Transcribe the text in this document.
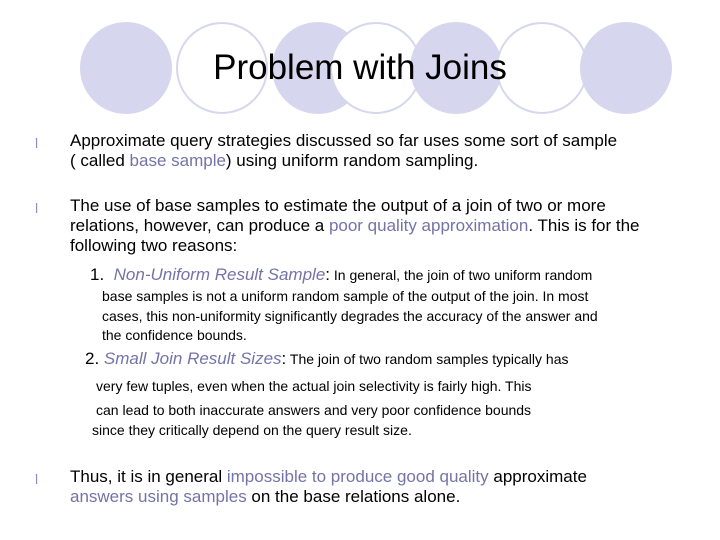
Problem with Joins
l Approximate query strategies discussed so far uses some sort of sample
( called base sample) using uniform random sampling.
l The use of base samples to estimate the output of a join of two or more
relations, however, can produce a poor quality approximation. This is for the
following two reasons:
1. Non-Uniform Result Sample: In general, the join of two uniform random
base samples is not a uniform random sample of the output of the join. In most
cases, this non-uniformity significantly degrades the accuracy of the answer and
the confidence bounds.
2. Small Join Result Sizes: The join of two random samples typically has
very few tuples, even when the actual join selectivity is fairly high. This
can lead to both inaccurate answers and very poor confidence bounds
since they critically depend on the query result size.
l Thus, it is in general impossible to produce good quality approximate
answers using samples on the base relations alone.
